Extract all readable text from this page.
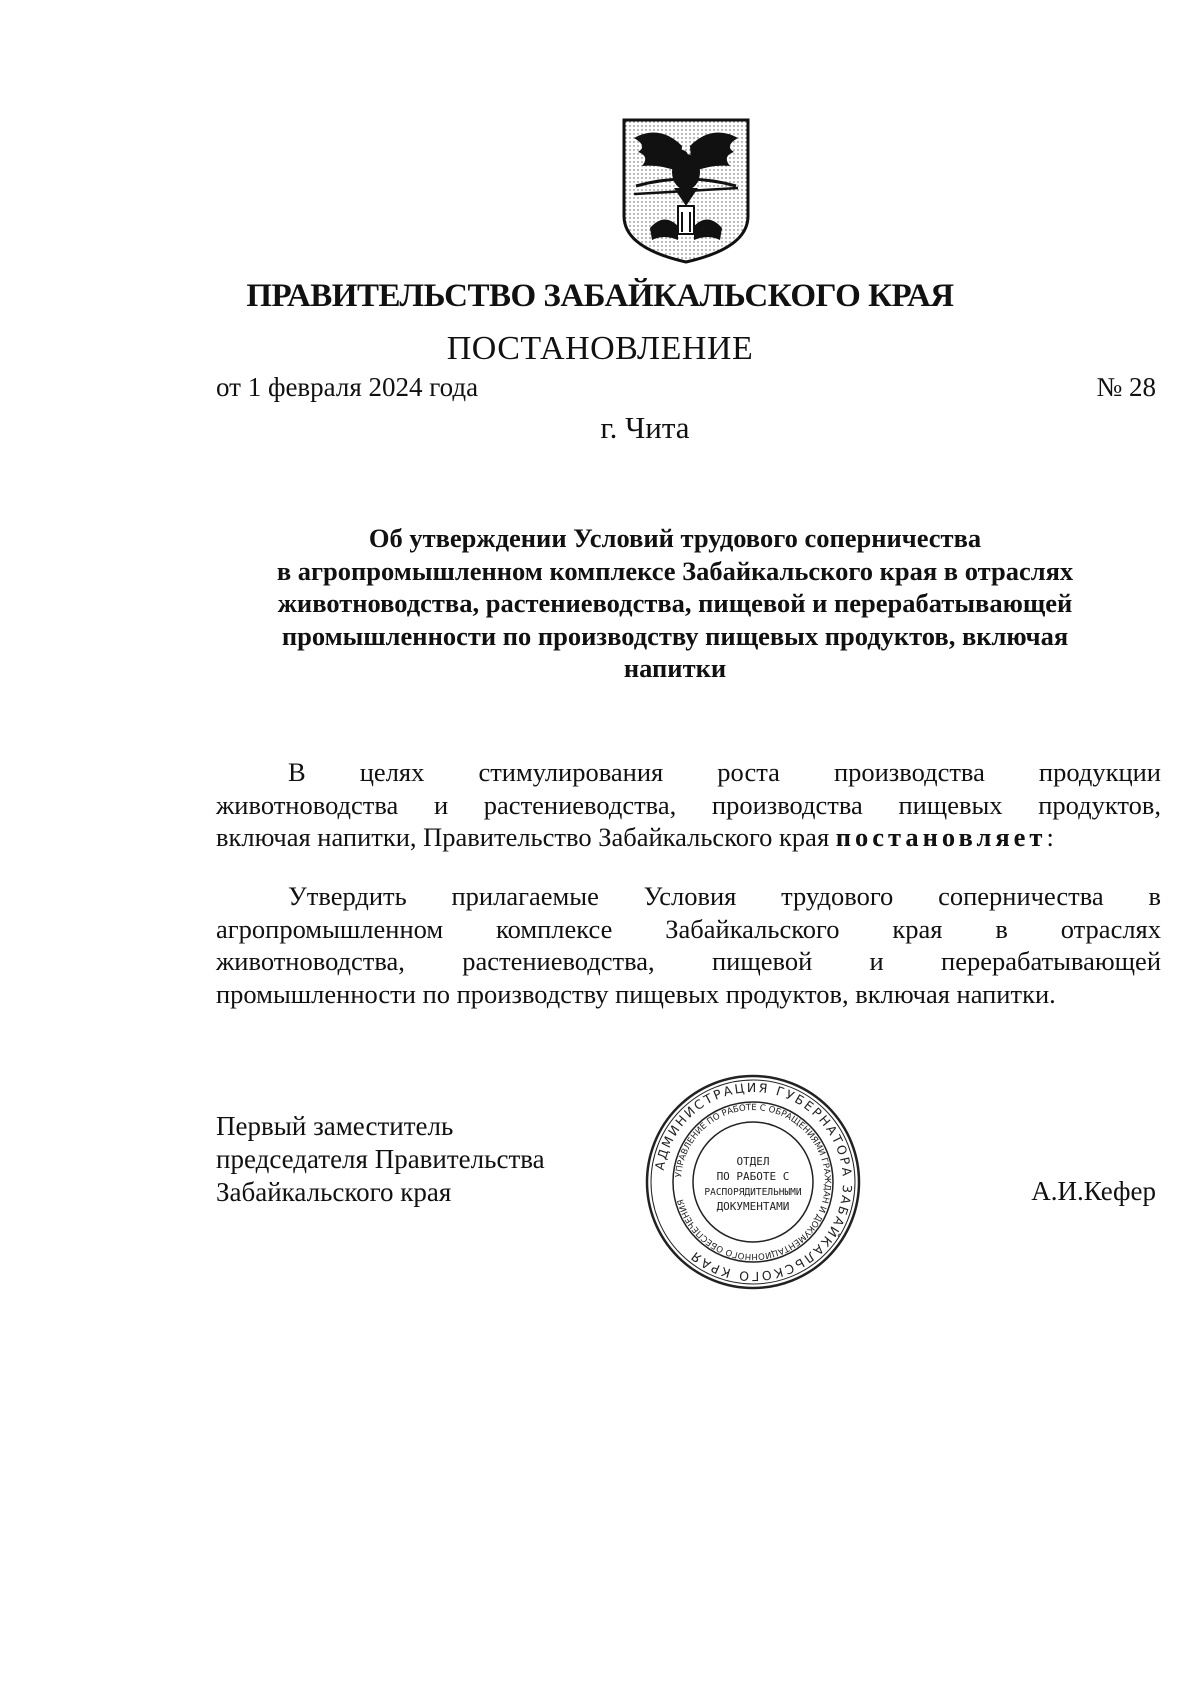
ПРАВИТЕЛЬСТВО ЗАБАЙКАЛЬСКОГО КРАЯ
ПОСТАНОВЛЕНИЕ
от 1 февраля 2024 года	№ 28
г. Чита
Об утверждении Условий трудового соперничества
в агропромышленном комплексе Забайкальского края в отраслях
животноводства, растениеводства, пищевой и перерабатывающей
промышленности по производству пищевых продуктов, включая
напитки
В целях стимулирования роста производства продукции
животноводства и растениеводства, производства пищевых продуктов,
включая напитки, Правительство Забайкальского края постановляет:
Утвердить прилагаемые Условия трудового соперничества в
агропромышленном комплексе Забайкальского края в отраслях
животноводства, растениеводства, пищевой и перерабатывающей
промышленности по производству пищевых продуктов, включая напитки.
Первый заместитель
председателя Правительства
Забайкальского края	А.И.Кефер
АДМИНИСТРАЦИЯ ГУБЕРНАТОРА ЗАБАЙКАЛЬСКОГО КРАЯ
УПРАВЛЕНИЕ ПО РАБОТЕ С ОБРАЩЕНИЯМИ ГРАЖДАН И ДОКУМЕНТАЦИОННОГО ОБЕСПЕЧЕНИЯ
ОТДЕЛ
ПО РАБОТЕ С
РАСПОРЯДИТЕЛЬНЫМИ
ДОКУМЕНТАМИ
